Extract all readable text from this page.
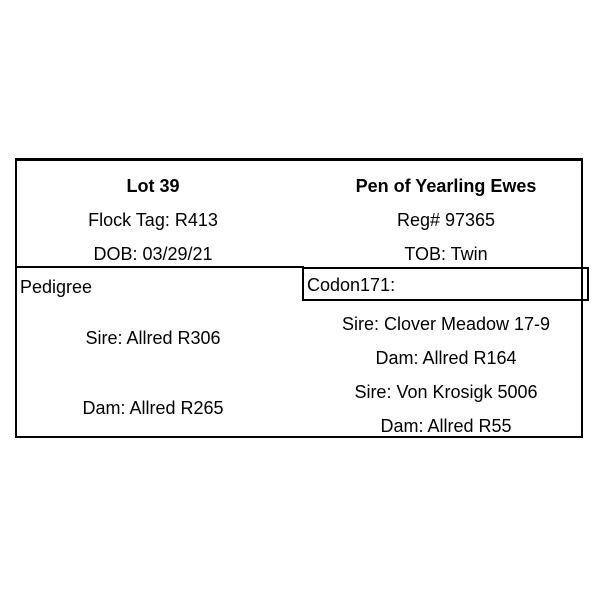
Lot 39
Flock Tag: R413
DOB: 03/29/21
Pen of Yearling Ewes
Reg# 97365
TOB: Twin
Pedigree	Codon171:
Sire: Allred R306
Dam: Allred R265
Sire: Clover Meadow 17-9
Dam: Allred R164
Sire: Von Krosigk 5006
Dam: Allred R55
